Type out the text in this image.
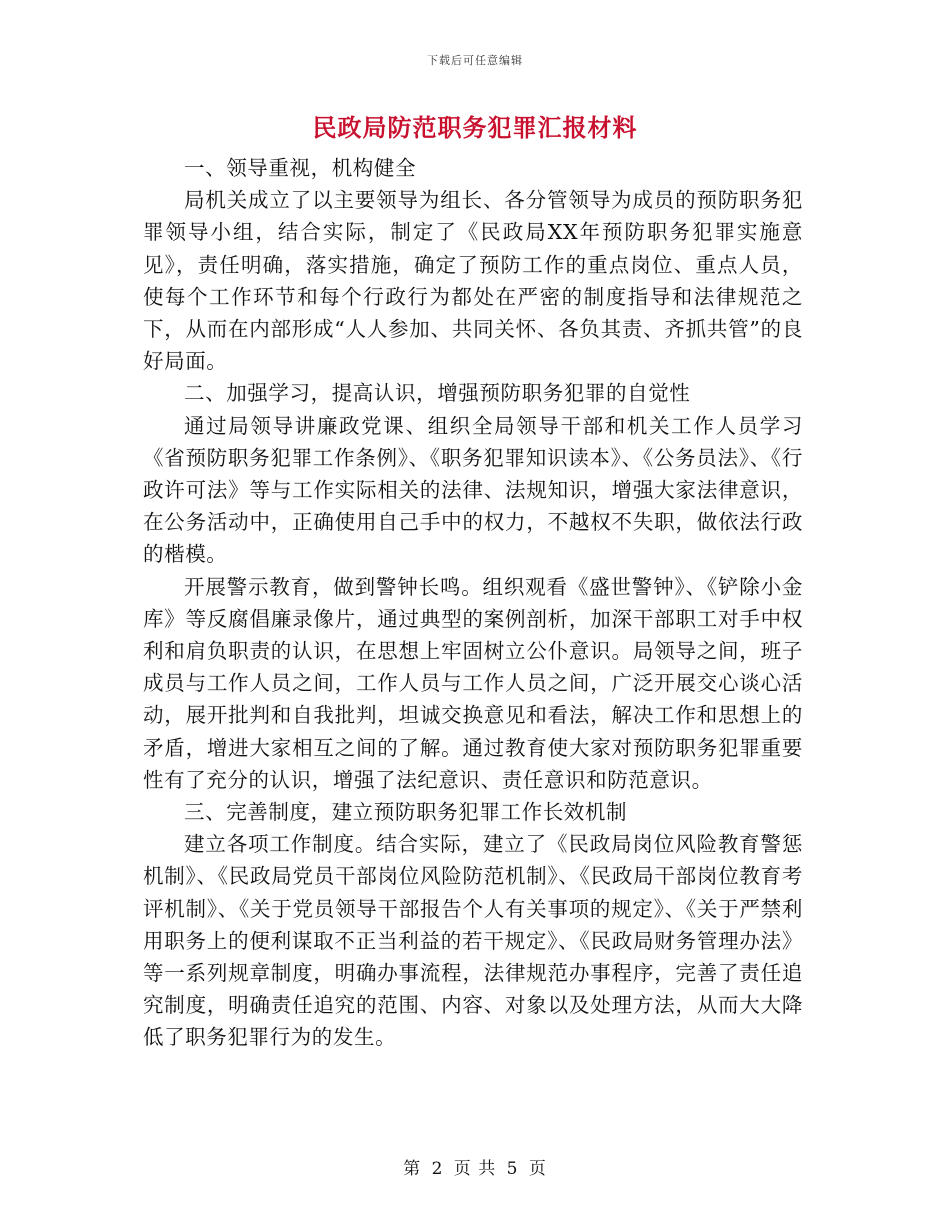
下载后可任意编辑
民政局防范职务犯罪汇报材料

一、领导重视，机构健全

局机关成立了以主要领导为组长、各分管领导为成员的预防职务犯罪领导小组，结合实际，制定了《民政局XX年预防职务犯罪实施意见》，责任明确，落实措施，确定了预防工作的重点岗位、重点人员，使每个工作环节和每个行政行为都处在严密的制度指导和法律规范之下，从而在内部形成“人人参加、共同关怀、各负其责、齐抓共管”的良好局面。

二、加强学习，提高认识，增强预防职务犯罪的自觉性

通过局领导讲廉政党课、组织全局领导干部和机关工作人员学习《省预防职务犯罪工作条例》、《职务犯罪知识读本》、《公务员法》、《行政许可法》等与工作实际相关的法律、法规知识，增强大家法律意识，在公务活动中，正确使用自己手中的权力，不越权不失职，做依法行政的楷模。

开展警示教育，做到警钟长鸣。组织观看《盛世警钟》、《铲除小金库》等反腐倡廉录像片，通过典型的案例剖析，加深干部职工对手中权利和肩负职责的认识，在思想上牢固树立公仆意识。局领导之间，班子成员与工作人员之间，工作人员与工作人员之间，广泛开展交心谈心活动，展开批判和自我批判，坦诚交换意见和看法，解决工作和思想上的矛盾，增进大家相互之间的了解。通过教育使大家对预防职务犯罪重要性有了充分的认识，增强了法纪意识、责任意识和防范意识。

三、完善制度，建立预防职务犯罪工作长效机制

建立各项工作制度。结合实际，建立了《民政局岗位风险教育警惩机制》、《民政局党员干部岗位风险防范机制》、《民政局干部岗位教育考评机制》、《关于党员领导干部报告个人有关事项的规定》、《关于严禁利用职务上的便利谋取不正当利益的若干规定》、《民政局财务管理办法》等一系列规章制度，明确办事流程，法律规范办事程序，完善了责任追究制度，明确责任追究的范围、内容、对象以及处理方法，从而大大降低了职务犯罪行为的发生。

第 2 页 共 5 页
